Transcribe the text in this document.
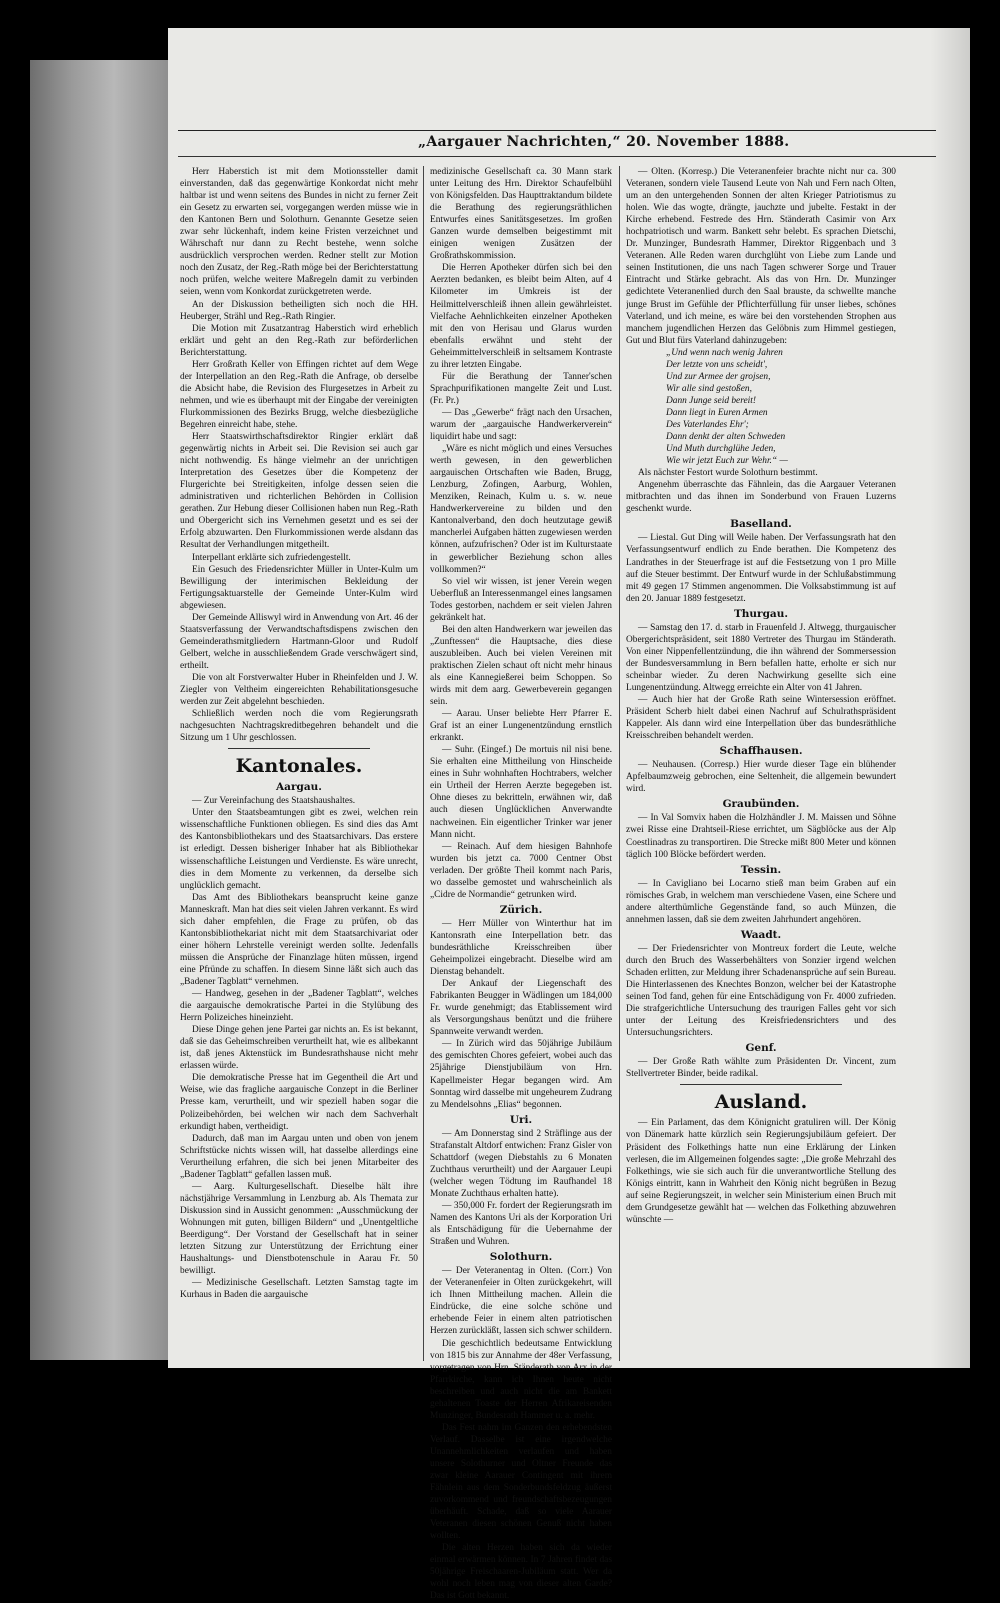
„Aargauer Nachrichten,“ 20. November 1888.

Herr Haberstich ist mit dem Motionssteller damit einverstanden, daß das gegenwärtige Konkordat nicht mehr haltbar ist und wenn seitens des Bundes in nicht zu ferner Zeit ein Gesetz zu erwarten sei, vorgegangen werden müsse wie in den Kantonen Bern und Solothurn. Genannte Gesetze seien zwar sehr lückenhaft, indem keine Fristen verzeichnet und Währschaft nur dann zu Recht bestehe, wenn solche ausdrücklich versprochen werden. Redner stellt zur Motion noch den Zusatz, der Reg.-Rath möge bei der Berichterstattung noch prüfen, welche weitere Maßregeln damit zu verbinden seien, wenn vom Konkordat zurückgetreten werde.

An der Diskussion betheiligten sich noch die HH. Heuberger, Strähl und Reg.-Rath Ringier.

Die Motion mit Zusatzantrag Haberstich wird erheblich erklärt und geht an den Reg.-Rath zur beförderlichen Berichterstattung.

Herr Großrath Keller von Effingen richtet auf dem Wege der Interpellation an den Reg.-Rath die Anfrage, ob derselbe die Absicht habe, die Revision des Flurgesetzes in Arbeit zu nehmen, und wie es überhaupt mit der Eingabe der vereinigten Flurkommissionen des Bezirks Brugg, welche diesbezügliche Begehren einreicht habe, stehe.

Herr Staatswirthschaftsdirektor Ringier erklärt daß gegenwärtig nichts in Arbeit sei. Die Revision sei auch gar nicht nothwendig. Es hänge vielmehr an der unrichtigen Interpretation des Gesetzes über die Kompetenz der Flurgerichte bei Streitigkeiten, infolge dessen seien die administrativen und richterlichen Behörden in Collision gerathen. Zur Hebung dieser Collisionen haben nun Reg.-Rath und Obergericht sich ins Vernehmen gesetzt und es sei der Erfolg abzuwarten. Den Flurkommissionen werde alsdann das Resultat der Verhandlungen mitgetheilt.

Interpellant erklärte sich zufriedengestellt.

Ein Gesuch des Friedensrichter Müller in Unter-Kulm um Bewilligung der interimischen Bekleidung der Fertigungsaktuarstelle der Gemeinde Unter-Kulm wird abgewiesen.

Der Gemeinde Alliswyl wird in Anwendung von Art. 46 der Staatsverfassung der Verwandtschaftsdispens zwischen den Gemeinderathsmitgliedern Hartmann-Gloor und Rudolf Gelbert, welche in ausschließendem Grade verschwägert sind, ertheilt.

Die von alt Forstverwalter Huber in Rheinfelden und J. W. Ziegler von Veltheim eingereichten Rehabilitationsgesuche werden zur Zeit abgelehnt beschieden.

Schließlich werden noch die vom Regierungsrath nachgesuchten Nachtragskreditbegehren behandelt und die Sitzung um 1 Uhr geschlossen.

Kantonales.
Aargau.

— Zur Vereinfachung des Staatshaushaltes.

Unter den Staatsbeamtungen gibt es zwei, welchen rein wissenschaftliche Funktionen obliegen. Es sind dies das Amt des Kantonsbibliothekars und des Staatsarchivars. Das erstere ist erledigt. Dessen bisheriger Inhaber hat als Bibliothekar wissenschaftliche Leistungen und Verdienste. Es wäre unrecht, dies in dem Momente zu verkennen, da derselbe sich unglücklich gemacht.

Das Amt des Bibliothekars beansprucht keine ganze Manneskraft. Man hat dies seit vielen Jahren verkannt. Es wird sich daher empfehlen, die Frage zu prüfen, ob das Kantonsbibliothekariat nicht mit dem Staatsarchivariat oder einer höhern Lehrstelle vereinigt werden sollte. Jedenfalls müssen die Ansprüche der Finanzlage hüten müssen, irgend eine Pfründe zu schaffen. In diesem Sinne läßt sich auch das „Badener Tagblatt“ vernehmen.

— Handweg, gesehen in der „Badener Tagblatt“, welches die aargauische demokratische Partei in die Stylübung des Herrn Polizeiches hineinzieht.

Diese Dinge gehen jene Partei gar nichts an. Es ist bekannt, daß sie das Geheimschreiben verurtheilt hat, wie es allbekannt ist, daß jenes Aktenstück im Bundesrathshause nicht mehr erlassen würde.

Die demokratische Presse hat im Gegentheil die Art und Weise, wie das fragliche aargauische Conzept in die Berliner Presse kam, verurtheilt, und wir speziell haben sogar die Polizeibehörden, bei welchen wir nach dem Sachverhalt erkundigt haben, vertheidigt.

Dadurch, daß man im Aargau unten und oben von jenem Schriftstücke nichts wissen will, hat dasselbe allerdings eine Verurtheilung erfahren, die sich bei jenen Mitarbeiter des „Badener Tagblatt“ gefallen lassen muß.

— Aarg. Kulturgesellschaft. Dieselbe hält ihre nächstjährige Versammlung in Lenzburg ab. Als Themata zur Diskussion sind in Aussicht genommen: „Ausschmückung der Wohnungen mit guten, billigen Bildern“ und „Unentgeltliche Beerdigung“. Der Vorstand der Gesellschaft hat in seiner letzten Sitzung zur Unterstützung der Errichtung einer Haushaltungs- und Dienstbotenschule in Aarau Fr. 50 bewilligt.

— Medizinische Gesellschaft. Letzten Samstag tagte im Kurhaus in Baden die aargauische

medizinische Gesellschaft ca. 30 Mann stark unter Leitung des Hrn. Direktor Schaufelbühl von Königsfelden. Das Haupttraktandum bildete die Berathung des regierungsräthlichen Entwurfes eines Sanitätsgesetzes. Im großen Ganzen wurde demselben beigestimmt mit einigen wenigen Zusätzen der Großrathskommission.

Die Herren Apotheker dürfen sich bei den Aerzten bedanken, es bleibt beim Alten, auf 4 Kilometer im Umkreis ist der Heilmittelverschleiß ihnen allein gewährleistet. Vielfache Aehnlichkeiten einzelner Apotheken mit den von Herisau und Glarus wurden ebenfalls erwähnt und steht der Geheimmittelverschleiß in seltsamem Kontraste zu ihrer letzten Eingabe.

Für die Berathung der Tanner'schen Sprachpurifikationen mangelte Zeit und Lust. (Fr. Pr.)

— Das „Gewerbe“ frägt nach den Ursachen, warum der „aargauische Handwerkerverein“ liquidirt habe und sagt:

„Wäre es nicht möglich und eines Versuches werth gewesen, in den gewerblichen aargauischen Ortschaften wie Baden, Brugg, Lenzburg, Zofingen, Aarburg, Wohlen, Menziken, Reinach, Kulm u. s. w. neue Handwerkervereine zu bilden und den Kantonalverband, den doch heutzutage gewiß mancherlei Aufgaben hätten zugewiesen werden können, aufzufrischen? Oder ist im Kulturstaate in gewerblicher Beziehung schon alles vollkommen?“

So viel wir wissen, ist jener Verein wegen Ueberfluß an Interessenmangel eines langsamen Todes gestorben, nachdem er seit vielen Jahren gekränkelt hat.

Bei den alten Handwerkern war jeweilen das „Zunftessen“ die Hauptsache, dies diese auszubleiben. Auch bei vielen Vereinen mit praktischen Zielen schaut oft nicht mehr hinaus als eine Kannegießerei beim Schoppen. So wirds mit dem aarg. Gewerbeverein gegangen sein.

— Aarau. Unser beliebte Herr Pfarrer E. Graf ist an einer Lungenentzündung ernstlich erkrankt.

— Suhr. (Eingef.) De mortuis nil nisi bene. Sie erhalten eine Mittheilung von Hinscheide eines in Suhr wohnhaften Hochtrabers, welcher ein Urtheil der Herren Aerzte begegeben ist. Ohne dieses zu bekritteln, erwähnen wir, daß auch diesen Unglücklichen Anverwandte nachweinen. Ein eigentlicher Trinker war jener Mann nicht.

— Reinach. Auf dem hiesigen Bahnhofe wurden bis jetzt ca. 7000 Centner Obst verladen. Der größte Theil kommt nach Paris, wo dasselbe gemostet und wahrscheinlich als „Cidre de Normandie“ getrunken wird.

Zürich.

— Herr Müller von Winterthur hat im Kantonsrath eine Interpellation betr. das bundesräthliche Kreisschreiben über Geheimpolizei eingebracht. Dieselbe wird am Dienstag behandelt.

Der Ankauf der Liegenschaft des Fabrikanten Beugger in Wädlingen um 184,000 Fr. wurde genehmigt; das Etablissement wird als Versorgungshaus benützt und die frühere Spannweite verwandt werden.

— In Zürich wird das 50jährige Jubiläum des gemischten Chores gefeiert, wobei auch das 25jährige Dienstjubiläum von Hrn. Kapellmeister Hegar begangen wird. Am Sonntag wird dasselbe mit ungeheurem Zudrang zu Mendelsohns „Elias“ begonnen.

Uri.

— Am Donnerstag sind 2 Sträflinge aus der Strafanstalt Altdorf entwichen: Franz Gisler von Schattdorf (wegen Diebstahls zu 6 Monaten Zuchthaus verurtheilt) und der Aargauer Leupi (welcher wegen Tödtung im Raufhandel 18 Monate Zuchthaus erhalten hatte).

— 350,000 Fr. fordert der Regierungsrath im Namen des Kantons Uri als der Korporation Uri als Entschädigung für die Uebernahme der Straßen und Wuhren.

Solothurn.

— Der Veteranentag in Olten. (Corr.) Von der Veteranenfeier in Olten zurückgekehrt, will ich Ihnen Mittheilung machen. Allein die Eindrücke, die eine solche schöne und erhebende Feier in einem alten patriotischen Herzen zurückläßt, lassen sich schwer schildern.

Die geschichtlich bedeutsame Entwicklung von 1815 bis zur Annahme der 48er Verfassung, vorgetragen von Hrn. Ständerath von Arx in der Pfarrkirche, kann ich Ihnen heute nicht beschreiben und auch nicht die am Bankett gehaltenen Toaste der Herren Afrikareisenden Munzinger, Bundesrath Hammer u. a. mehr.

Das Fest nahm im Ganzen den erhebendsten Verlauf. Dasselbe ist eine irgendwelche Unannehmlichkeiten verlaufen und haben unsere Solothurner und Oltner Freunde das zwar kleine Aarauer Contingent mit ihrem Fähnlein aus dem Sonderbundsfeldzug äußerst zuvorkommend und freundschaftsbezeugungen überhäuft. Schade, daß so viele Aarauer Veteranen diesen schönen Genuß nicht haben wollten.

Die alten Herzen haben sich da wieder einmal erwärmen können. In 7 Jahren findet das 50jährige Freischaaren-Jubiläum statt. Wer da wohl noch leben mag von dieser alten Garde? Das ist Gott bekannt.

— Olten. (Korresp.) Die Veteranenfeier brachte nicht nur ca. 300 Veteranen, sondern viele Tausend Leute von Nah und Fern nach Olten, um an den untergehenden Sonnen der alten Krieger Patriotismus zu holen. Wie das wogte, drängte, jauchzte und jubelte. Festakt in der Kirche erhebend. Festrede des Hrn. Ständerath Casimir von Arx hochpatriotisch und warm. Bankett sehr belebt. Es sprachen Dietschi, Dr. Munzinger, Bundesrath Hammer, Direktor Riggenbach und 3 Veteranen. Alle Reden waren durchglüht von Liebe zum Lande und seinen Institutionen, die uns nach Tagen schwerer Sorge und Trauer Eintracht und Stärke gebracht. Als das von Hrn. Dr. Munzinger gedichtete Veteranenlied durch den Saal brauste, da schwellte manche junge Brust im Gefühle der Pflichterfüllung für unser liebes, schönes Vaterland, und ich meine, es wäre bei den vorstehenden Strophen aus manchem jugendlichen Herzen das Gelöbnis zum Himmel gestiegen, Gut und Blut fürs Vaterland dahinzugeben:

„Und wenn nach wenig Jahren

Der letzte von uns scheidt',

Und zur Armee der grojsen,

Wir alle sind gestoßen,

Dann Junge seid bereit!

Dann liegt in Euren Armen

Des Vaterlandes Ehr';

Dann denkt der alten Schweden

Und Muth durchglühe Jeden,

Wie wir jetzt Euch zur Wehr.“ —

Als nächster Festort wurde Solothurn bestimmt.

Angenehm überraschte das Fähnlein, das die Aargauer Veteranen mitbrachten und das ihnen im Sonderbund von Frauen Luzerns geschenkt wurde.

Baselland.

— Liestal. Gut Ding will Weile haben. Der Verfassungsrath hat den Verfassungsentwurf endlich zu Ende berathen. Die Kompetenz des Landrathes in der Steuerfrage ist auf die Festsetzung von 1 pro Mille auf die Steuer bestimmt. Der Entwurf wurde in der Schlußabstimmung mit 49 gegen 17 Stimmen angenommen. Die Volksabstimmung ist auf den 20. Januar 1889 festgesetzt.

Thurgau.

— Samstag den 17. d. starb in Frauenfeld J. Altwegg, thurgauischer Obergerichtspräsident, seit 1880 Vertreter des Thurgau im Ständerath. Von einer Nippenfellentzündung, die ihn während der Sommersession der Bundesversammlung in Bern befallen hatte, erholte er sich nur scheinbar wieder. Zu deren Nachwirkung gesellte sich eine Lungenentzündung. Altwegg erreichte ein Alter von 41 Jahren.

— Auch hier hat der Große Rath seine Wintersession eröffnet. Präsident Scherb hielt dabei einen Nachruf auf Schulrathspräsident Kappeler. Als dann wird eine Interpellation über das bundesräthliche Kreisschreiben behandelt werden.

Schaffhausen.

— Neuhausen. (Corresp.) Hier wurde dieser Tage ein blühender Apfelbaumzweig gebrochen, eine Seltenheit, die allgemein bewundert wird.

Graubünden.

— In Val Somvix haben die Holzhändler J. M. Maissen und Söhne zwei Risse eine Drahtseil-Riese errichtet, um Sägblöcke aus der Alp Coestlinadras zu transportiren. Die Strecke mißt 800 Meter und können täglich 100 Blöcke befördert werden.

Tessin.

— In Cavigliano bei Locarno stieß man beim Graben auf ein römisches Grab, in welchem man verschiedene Vasen, eine Schere und andere alterthümliche Gegenstände fand, so auch Münzen, die annehmen lassen, daß sie dem zweiten Jahrhundert angehören.

Waadt.

— Der Friedensrichter von Montreux fordert die Leute, welche durch den Bruch des Wasserbehälters von Sonzier irgend welchen Schaden erlitten, zur Meldung ihrer Schadenansprüche auf sein Bureau. Die Hinterlassenen des Knechtes Bonzon, welcher bei der Katastrophe seinen Tod fand, gehen für eine Entschädigung von Fr. 4000 zufrieden. Die strafgerichtliche Untersuchung des traurigen Falles geht vor sich unter der Leitung des Kreisfriedensrichters und des Untersuchungsrichters.

Genf.

— Der Große Rath wählte zum Präsidenten Dr. Vincent, zum Stellvertreter Binder, beide radikal.

Ausland.

— Ein Parlament, das dem Könignicht gratuliren will. Der König von Dänemark hatte kürzlich sein Regierungsjubiläum gefeiert. Der Präsident des Folkethings hatte nun eine Erklärung der Linken verlesen, die im Allgemeinen folgendes sagte: „Die große Mehrzahl des Folkethings, wie sie sich auch für die unverantwortliche Stellung des Königs eintritt, kann in Wahrheit den König nicht begrüßen in Bezug auf seine Regierungszeit, in welcher sein Ministerium einen Bruch mit dem Grundgesetze gewählt hat — welchen das Folkething abzuwehren wünschte —
